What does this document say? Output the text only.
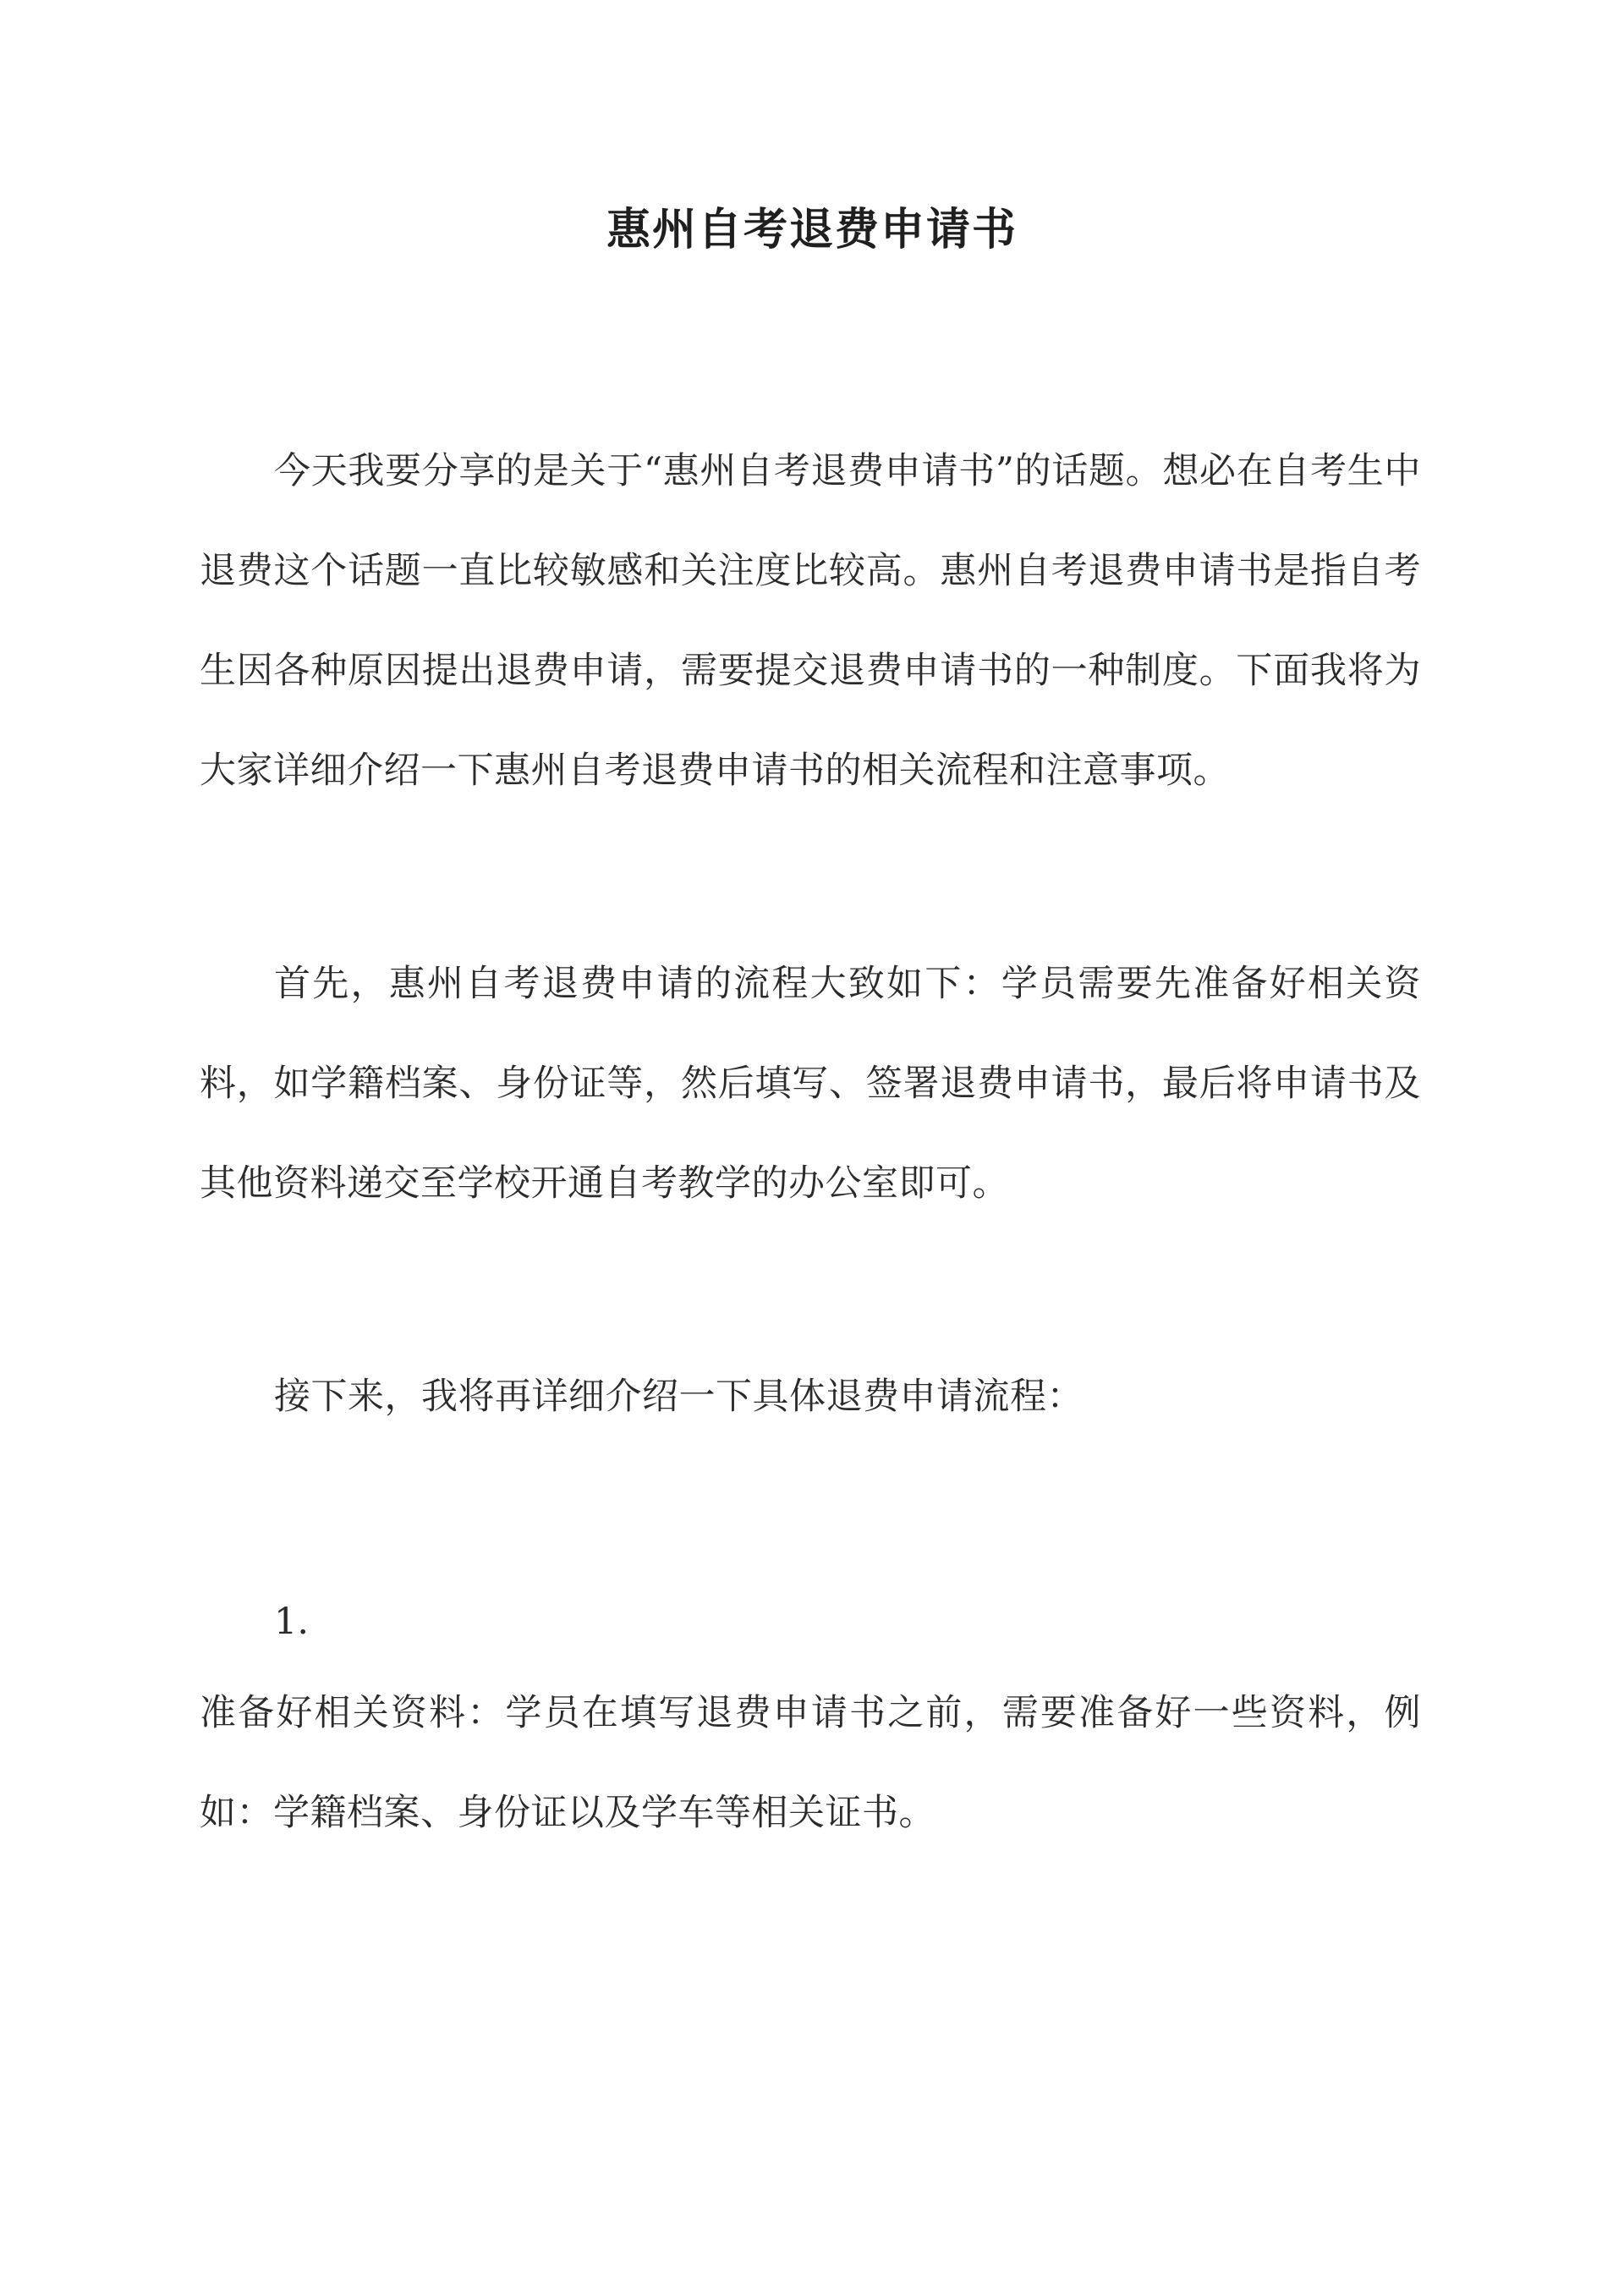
惠州自考退费申请书

今天我要分享的是关于“惠州自考退费申请书”的话题。想必在自考生中退费这个话题一直比较敏感和关注度比较高。惠州自考退费申请书是指自考生因各种原因提出退费申请，需要提交退费申请书的一种制度。下面我将为大家详细介绍一下惠州自考退费申请书的相关流程和注意事项。

首先，惠州自考退费申请的流程大致如下：学员需要先准备好相关资料，如学籍档案、身份证等，然后填写、签署退费申请书，最后将申请书及其他资料递交至学校开通自考教学的办公室即可。

接下来，我将再详细介绍一下具体退费申请流程：

1.

准备好相关资料：学员在填写退费申请书之前，需要准备好一些资料，例如：学籍档案、身份证以及学车等相关证书。
